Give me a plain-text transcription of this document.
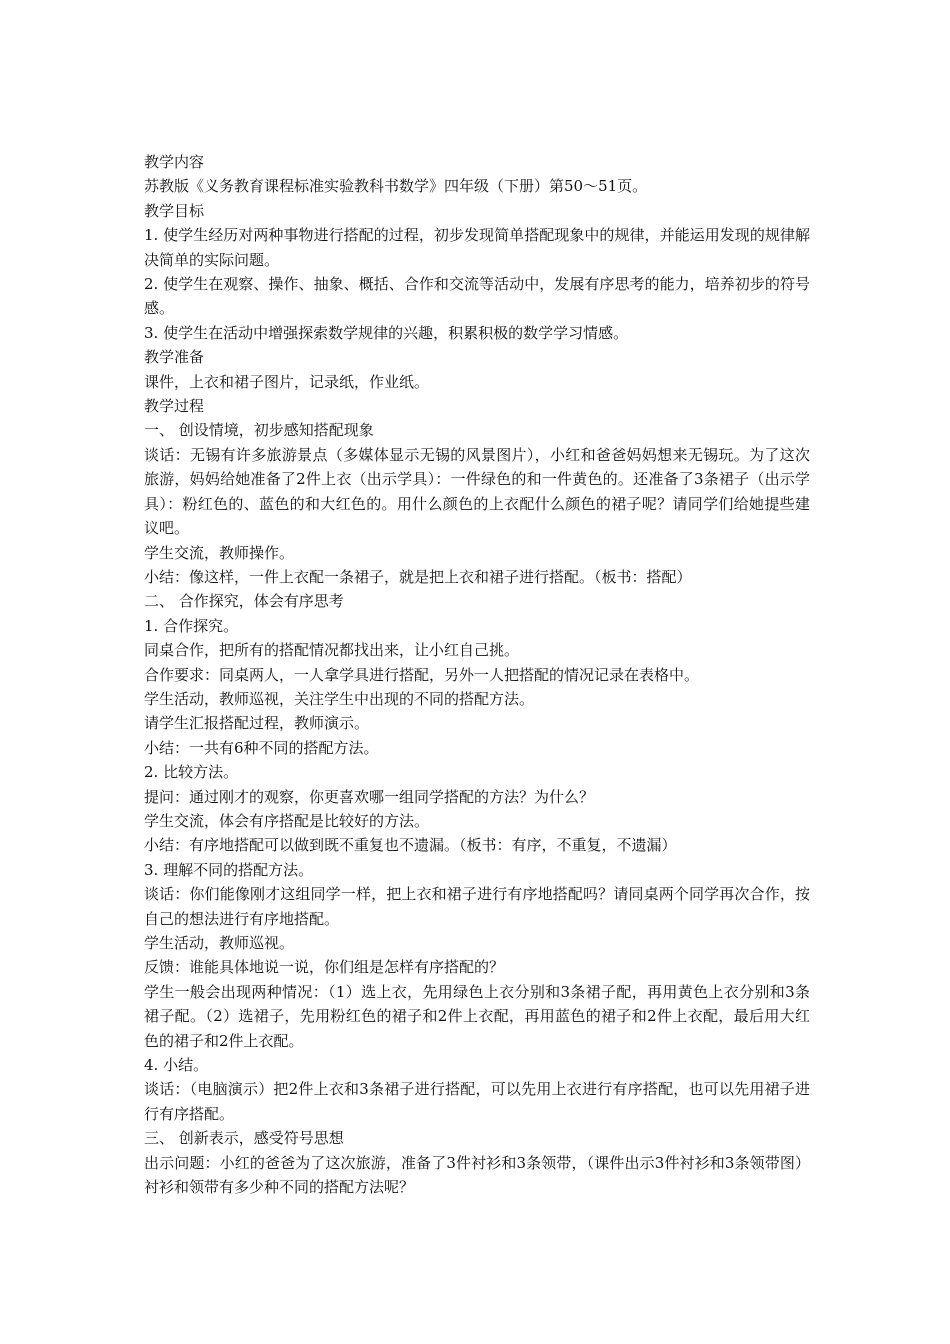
教学内容

苏教版《义务教育课程标准实验教科书数学》四年级（下册）第50～51页。

教学目标

1. 使学生经历对两种事物进行搭配的过程，初步发现简单搭配现象中的规律，并能运用发现的规律解决简单的实际问题。

2. 使学生在观察、操作、抽象、概括、合作和交流等活动中，发展有序思考的能力，培养初步的符号感。

3. 使学生在活动中增强探索数学规律的兴趣，积累积极的数学学习情感。

教学准备

课件，上衣和裙子图片，记录纸，作业纸。

教学过程

一、 创设情境，初步感知搭配现象

谈话：无锡有许多旅游景点（多媒体显示无锡的风景图片），小红和爸爸妈妈想来无锡玩。为了这次旅游，妈妈给她准备了2件上衣（出示学具）：一件绿色的和一件黄色的。还准备了3条裙子（出示学具）：粉红色的、蓝色的和大红色的。用什么颜色的上衣配什么颜色的裙子呢？请同学们给她提些建议吧。

学生交流，教师操作。

小结：像这样，一件上衣配一条裙子，就是把上衣和裙子进行搭配。（板书：搭配）

二、 合作探究，体会有序思考

1. 合作探究。

同桌合作，把所有的搭配情况都找出来，让小红自己挑。

合作要求：同桌两人，一人拿学具进行搭配，另外一人把搭配的情况记录在表格中。

学生活动，教师巡视，关注学生中出现的不同的搭配方法。

请学生汇报搭配过程，教师演示。

小结：一共有6种不同的搭配方法。

2. 比较方法。

提问：通过刚才的观察，你更喜欢哪一组同学搭配的方法？为什么？

学生交流，体会有序搭配是比较好的方法。

小结：有序地搭配可以做到既不重复也不遗漏。（板书：有序，不重复，不遗漏）

3. 理解不同的搭配方法。

谈话：你们能像刚才这组同学一样，把上衣和裙子进行有序地搭配吗？请同桌两个同学再次合作，按自己的想法进行有序地搭配。

学生活动，教师巡视。

反馈：谁能具体地说一说，你们组是怎样有序搭配的？

学生一般会出现两种情况：（1）选上衣，先用绿色上衣分别和3条裙子配，再用黄色上衣分别和3条裙子配。（2）选裙子，先用粉红色的裙子和2件上衣配，再用蓝色的裙子和2件上衣配，最后用大红色的裙子和2件上衣配。

4. 小结。

谈话：（电脑演示）把2件上衣和3条裙子进行搭配，可以先用上衣进行有序搭配，也可以先用裙子进行有序搭配。

三、 创新表示，感受符号思想

出示问题：小红的爸爸为了这次旅游，准备了3件衬衫和3条领带，（课件出示3件衬衫和3条领带图）衬衫和领带有多少种不同的搭配方法呢？
